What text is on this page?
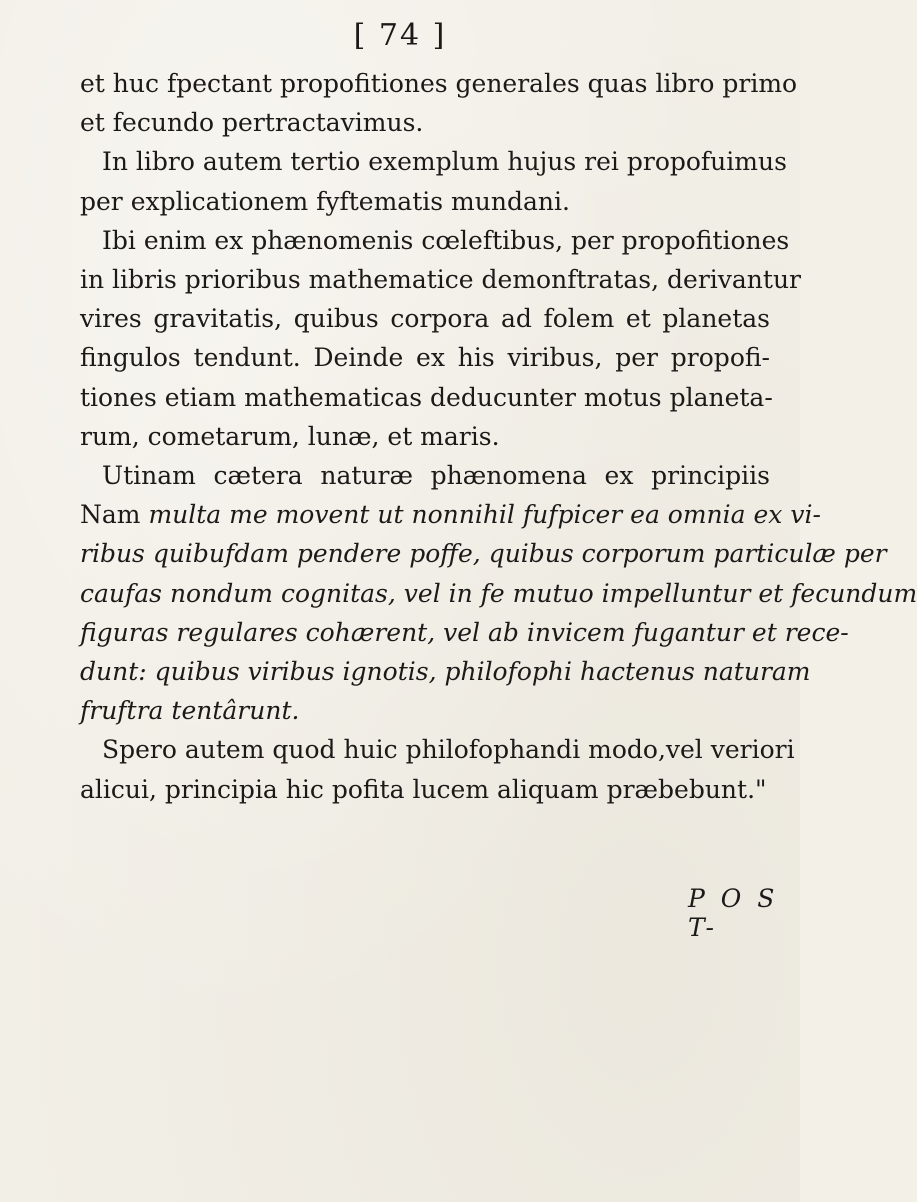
[ 74 ]
et huc fpectant propofitiones generales quas libro primo
et fecundo pertractavimus.
In libro autem tertio exemplum hujus rei propofuimus
per explicationem fyftematis mundani.
Ibi enim ex phænomenis cœleftibus, per propofitiones
in libris prioribus mathematice demonftratas, derivantur
vires gravitatis, quibus corpora ad folem et planetas
fingulos tendunt. Deinde ex his viribus, per propofi-
tiones etiam mathematicas deducunter motus planeta-
rum, cometarum, lunæ, et maris.
Utinam cætera naturæ phænomena ex principiis
Nam multa me movent ut nonnihil fufpicer ea omnia ex vi-
ribus quibufdam pendere poffe, quibus corporum particulæ per
caufas nondum cognitas, vel in fe mutuo impelluntur et fecundum
figuras regulares cohærent, vel ab invicem fugantur et rece-
dunt: quibus viribus ignotis, philofophi hactenus naturam
fruftra tentârunt.
Spero autem quod huic philofophandi modo,vel veriori
alicui, principia hic pofita lucem aliquam præbebunt."
P O S T-
